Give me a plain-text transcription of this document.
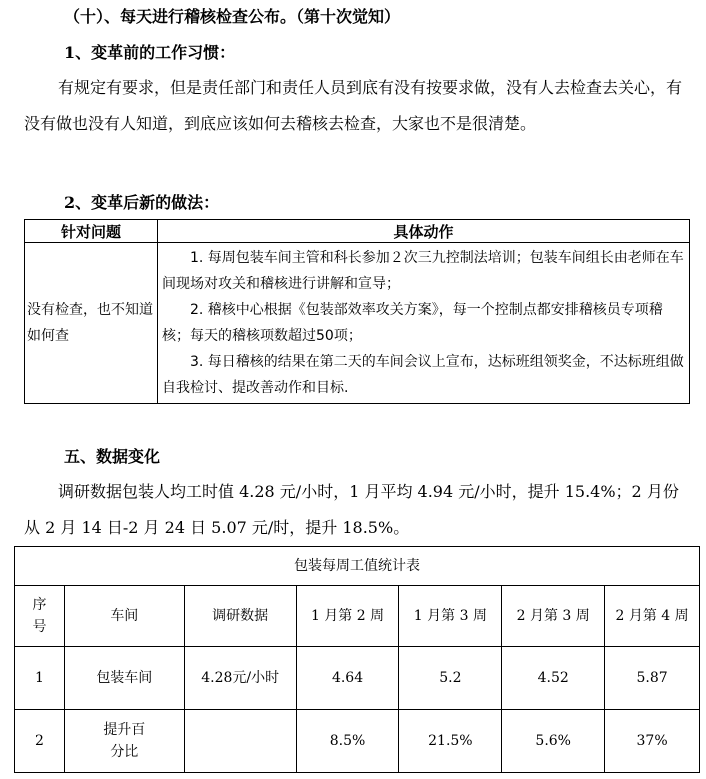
（十）、每天进行稽核检查公布。（第十次觉知）
1、变革前的工作习惯：
有规定有要求，但是责任部门和责任人员到底有没有按要求做，没有人去检查去关心，有没有做也没有人知道，到底应该如何去稽核去检查，大家也不是很清楚。
2、变革后新的做法：
针对问题	具体动作
没有检查，也不知道如何查	1. 每周包装车间主管和科长参加２次三九控制法培训；包装车间组长由老师在车间现场对攻关和稽核进行讲解和宣导；
2. 稽核中心根据《包装部效率攻关方案》，每一个控制点都安排稽核员专项稽核；每天的稽核项数超过50项；
3. 每日稽核的结果在第二天的车间会议上宣布，达标班组领奖金，不达标班组做自我检讨、提改善动作和目标.
五、数据变化
调研数据包装人均工时值 4.28 元/小时，1 月平均 4.94 元/小时，提升 15.4%；2 月份从 2 月 14 日-2 月 24 日 5.07 元/时，提升 18.5%。
包装每周工值统计表						

序号	车间	调研数据	1 月第 2 周	1 月第 3 周	2 月第 3 周	2 月第 4 周
1	包装车间	4.28元/小时	4.64	5.2	4.52	5.87
2	提升百分比		8.5%	21.5%	5.6%	37%
